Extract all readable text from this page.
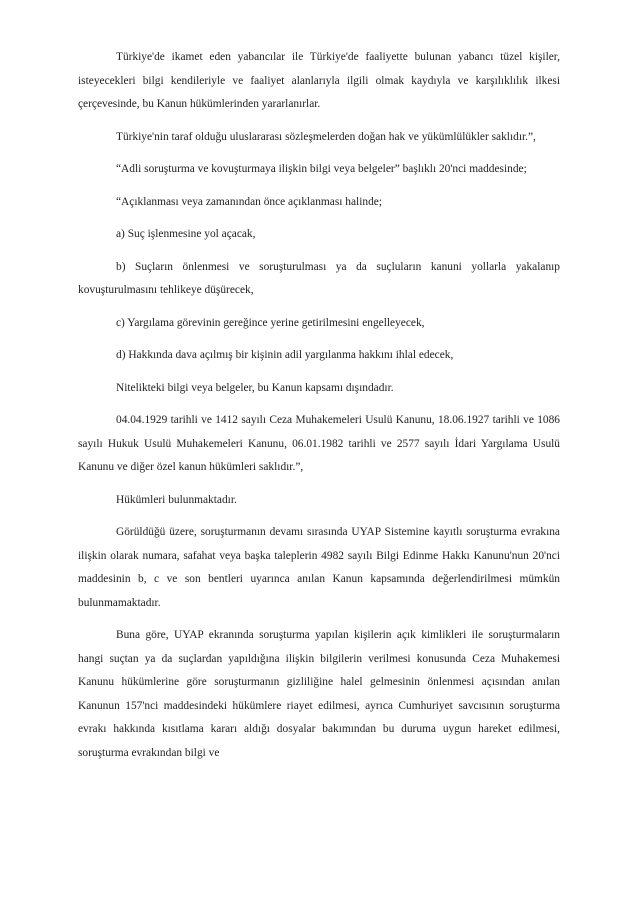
Türkiye'de ikamet eden yabancılar ile Türkiye'de faaliyette bulunan yabancı tüzel kişiler, isteyecekleri bilgi kendileriyle ve faaliyet alanlarıyla ilgili olmak kaydıyla ve karşılıklılık ilkesi çerçevesinde, bu Kanun hükümlerinden yararlanırlar.

Türkiye'nin taraf olduğu uluslararası sözleşmelerden doğan hak ve yükümlülükler saklıdır.”,

“Adli soruşturma ve kovuşturmaya ilişkin bilgi veya belgeler” başlıklı 20'nci maddesinde;

“Açıklanması veya zamanından önce açıklanması halinde;

a) Suç işlenmesine yol açacak,

b) Suçların önlenmesi ve soruşturulması ya da suçluların kanuni yollarla yakalanıp kovuşturulmasını tehlikeye düşürecek,

c) Yargılama görevinin gereğince yerine getirilmesini engelleyecek,

d) Hakkında dava açılmış bir kişinin adil yargılanma hakkını ihlal edecek,

Nitelikteki bilgi veya belgeler, bu Kanun kapsamı dışındadır.

04.04.1929 tarihli ve 1412 sayılı Ceza Muhakemeleri Usulü Kanunu, 18.06.1927 tarihli ve 1086 sayılı Hukuk Usulü Muhakemeleri Kanunu, 06.01.1982 tarihli ve 2577 sayılı İdari Yargılama Usulü Kanunu ve diğer özel kanun hükümleri saklıdır.”,

Hükümleri bulunmaktadır.

Görüldüğü üzere, soruşturmanın devamı sırasında UYAP Sistemine kayıtlı soruşturma evrakına ilişkin olarak numara, safahat veya başka taleplerin 4982 sayılı Bilgi Edinme Hakkı Kanunu'nun 20'nci maddesinin b, c ve son bentleri uyarınca anılan Kanun kapsamında değerlendirilmesi mümkün bulunmamaktadır.

Buna göre, UYAP ekranında soruşturma yapılan kişilerin açık kimlikleri ile soruşturmaların hangi suçtan ya da suçlardan yapıldığına ilişkin bilgilerin verilmesi konusunda Ceza Muhakemesi Kanunu hükümlerine göre soruşturmanın gizliliğine halel gelmesinin önlenmesi açısından anılan Kanunun 157'nci maddesindeki hükümlere riayet edilmesi, ayrıca Cumhuriyet savcısının soruşturma evrakı hakkında kısıtlama kararı aldığı dosyalar bakımından bu duruma uygun hareket edilmesi, soruşturma evrakından bilgi ve
